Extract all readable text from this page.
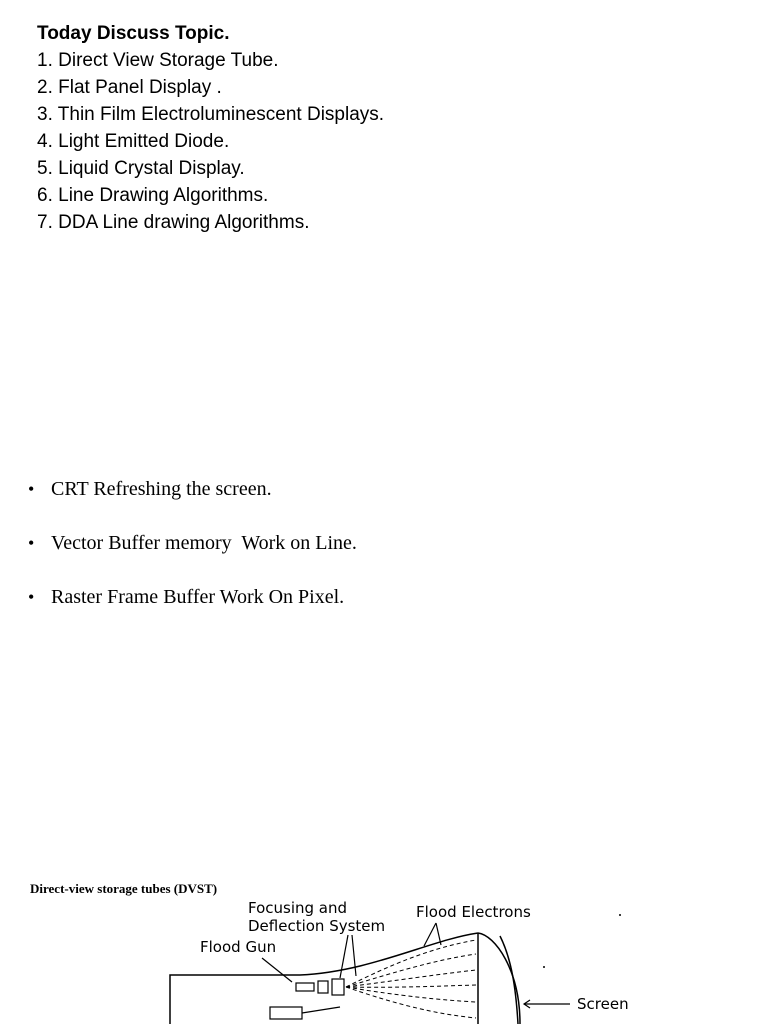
Today Discuss Topic.
1. Direct View Storage Tube.
2. Flat Panel Display .
3. Thin Film Electroluminescent Displays.
4. Light Emitted Diode.
5. Liquid Crystal Display.
6. Line Drawing Algorithms.
7. DDA Line drawing Algorithms.
• CRT Refreshing the screen.
• Vector Buffer memory  Work on Line.
• Raster Frame Buffer Work On Pixel.
Direct-view storage tubes (DVST)
Focusing and
Deflection System
Flood Electrons
Flood Gun
Screen
